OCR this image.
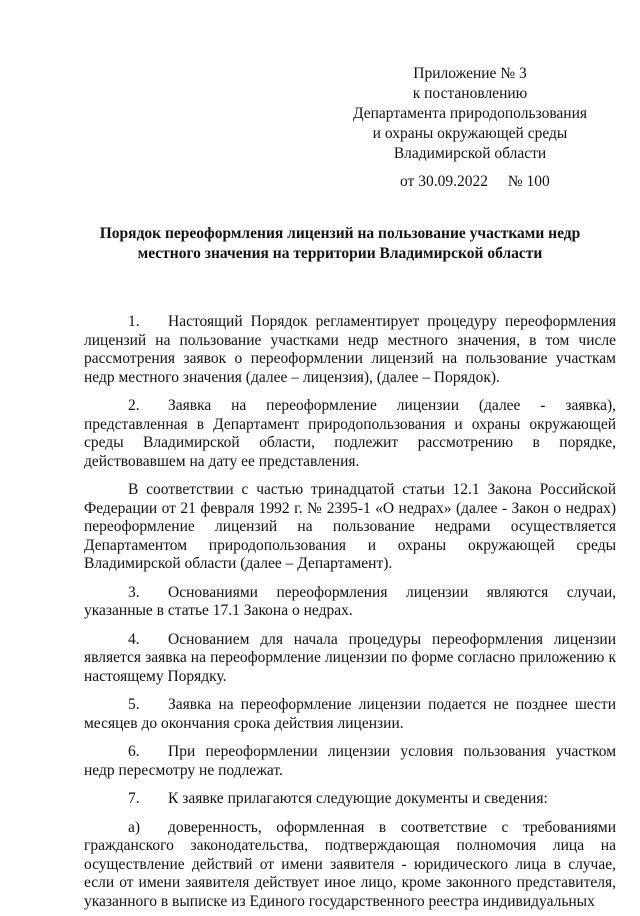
Приложение № 3
к постановлению
Департамента природопользования
и охраны окружающей среды
Владимирской области
от 30.09.2022 № 100
Порядок переоформления лицензий на пользование участками недр
местного значения на территории Владимирской области

1. Настоящий Порядок регламентирует процедуру переоформления лицензий на пользование участками недр местного значения, в том числе рассмотрения заявок о переоформлении лицензий на пользование участкам недр местного значения (далее – лицензия), (далее – Порядок).

2. Заявка на переоформление лицензии (далее - заявка), представленная в Департамент природопользования и охраны окружающей среды Владимирской области, подлежит рассмотрению в порядке, действовавшем на дату ее представления.

В соответствии с частью тринадцатой статьи 12.1 Закона Российской Федерации от 21 февраля 1992 г. № 2395-1 «О недрах» (далее - Закон о недрах) переоформление лицензий на пользование недрами осуществляется Департаментом природопользования и охраны окружающей среды Владимирской области (далее – Департамент).

3. Основаниями переоформления лицензии являются случаи, указанные в статье 17.1 Закона о недрах.

4. Основанием для начала процедуры переоформления лицензии является заявка на переоформление лицензии по форме согласно приложению к настоящему Порядку.

5. Заявка на переоформление лицензии подается не позднее шести месяцев до окончания срока действия лицензии.

6. При переоформлении лицензии условия пользования участком недр пересмотру не подлежат.

7. К заявке прилагаются следующие документы и сведения:

а) доверенность, оформленная в соответствие с требованиями гражданского законодательства, подтверждающая полномочия лица на осуществление действий от имени заявителя - юридического лица в случае, если от имени заявителя действует иное лицо, кроме законного представителя, указанного в выписке из Единого государственного реестра индивидуальных
